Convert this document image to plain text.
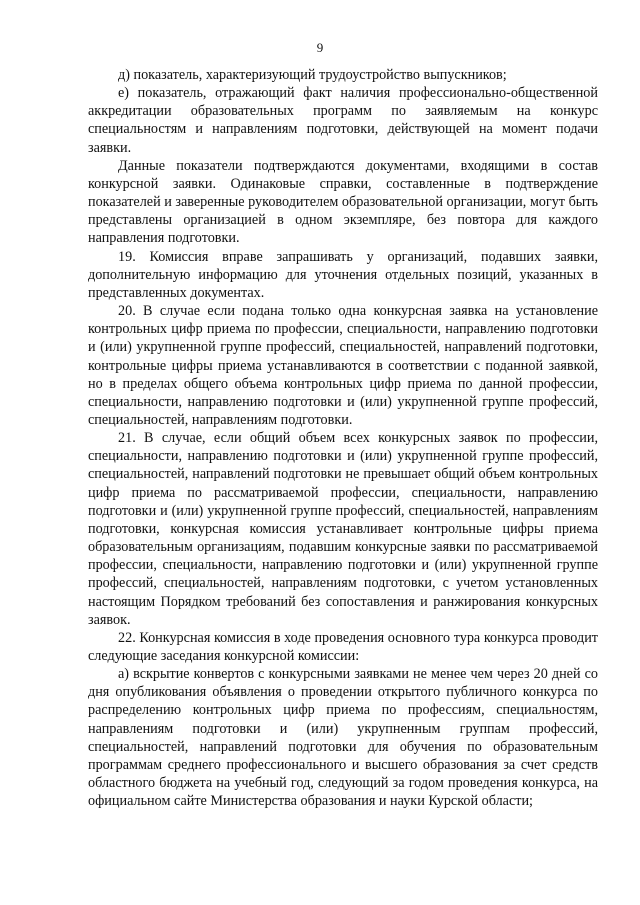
9

д) показатель, характеризующий трудоустройство выпускников;

е) показатель, отражающий факт наличия профессионально-общественной аккредитации образовательных программ по заявляемым на конкурс специальностям и направлениям подготовки, действующей на момент подачи заявки.

Данные показатели подтверждаются документами, входящими в состав конкурсной заявки. Одинаковые справки, составленные в подтверждение показателей и заверенные руководителем образовательной организации, могут быть представлены организацией в одном экземпляре, без повтора для каждого направления подготовки.

19. Комиссия вправе запрашивать у организаций, подавших заявки, дополнительную информацию для уточнения отдельных позиций, указанных в представленных документах.

20. В случае если подана только одна конкурсная заявка на установление контрольных цифр приема по профессии, специальности, направлению подготовки и (или) укрупненной группе профессий, специальностей, направлений подготовки, контрольные цифры приема устанавливаются в соответствии с поданной заявкой, но в пределах общего объема контрольных цифр приема по данной профессии, специальности, направлению подготовки и (или) укрупненной группе профессий, специальностей, направлениям подготовки.

21. В случае, если общий объем всех конкурсных заявок по профессии, специальности, направлению подготовки и (или) укрупненной группе профессий, специальностей, направлений подготовки не превышает общий объем контрольных цифр приема по рассматриваемой профессии, специальности, направлению подготовки и (или) укрупненной группе профессий, специальностей, направлениям подготовки, конкурсная комиссия устанавливает контрольные цифры приема образовательным организациям, подавшим конкурсные заявки по рассматриваемой профессии, специальности, направлению подготовки и (или) укрупненной группе профессий, специальностей, направлениям подготовки, с учетом установленных настоящим Порядком требований без сопоставления и ранжирования конкурсных заявок.

22. Конкурсная комиссия в ходе проведения основного тура конкурса проводит следующие заседания конкурсной комиссии:

а) вскрытие конвертов с конкурсными заявками не менее чем через 20 дней со дня опубликования объявления о проведении открытого публичного конкурса по распределению контрольных цифр приема по профессиям, специальностям, направлениям подготовки и (или) укрупненным группам профессий, специальностей, направлений подготовки для обучения по образовательным программам среднего профессионального и высшего образования за счет средств областного бюджета на учебный год, следующий за годом проведения конкурса, на официальном сайте Министерства образования и науки Курской области;
